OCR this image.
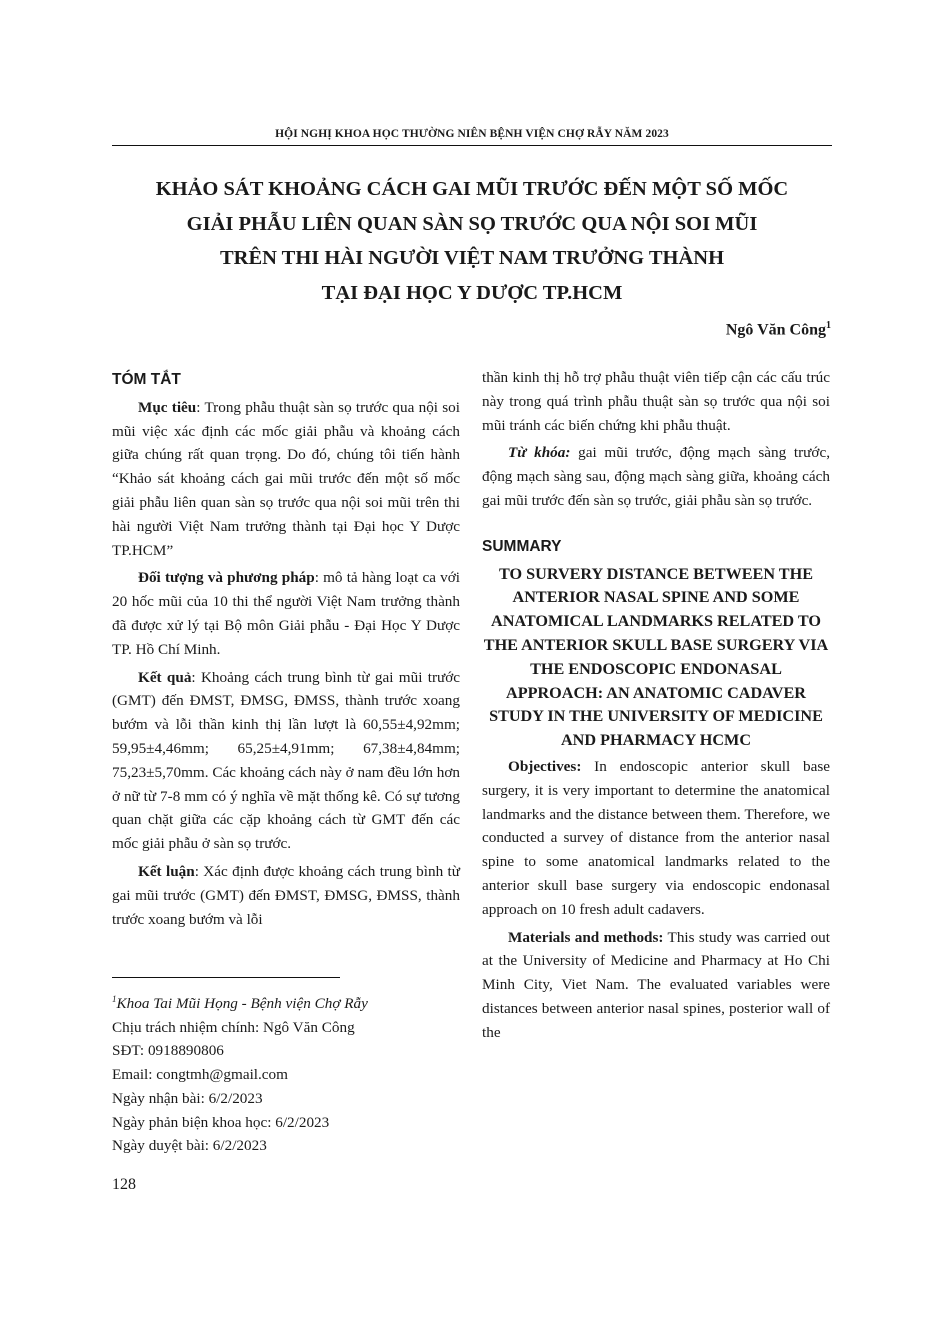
HỘI NGHỊ KHOA HỌC THƯỜNG NIÊN BỆNH VIỆN CHỢ RẪY NĂM 2023
KHẢO SÁT KHOẢNG CÁCH GAI MŨI TRƯỚC ĐẾN MỘT SỐ MỐC
GIẢI PHẪU LIÊN QUAN SÀN SỌ TRƯỚC QUA NỘI SOI MŨI
TRÊN THI HÀI NGƯỜI VIỆT NAM TRƯỞNG THÀNH
TẠI ĐẠI HỌC Y DƯỢC TP.HCM
Ngô Văn Công$^1$
TÓM TẮT

Mục tiêu: Trong phẫu thuật sàn sọ trước qua nội soi mũi việc xác định các mốc giải phẫu và khoảng cách giữa chúng rất quan trọng. Do đó, chúng tôi tiến hành “Khảo sát khoảng cách gai mũi trước đến một số mốc giải phẫu liên quan sàn sọ trước qua nội soi mũi trên thi hài người Việt Nam trưởng thành tại Đại học Y Dược TP.HCM”

Đối tượng và phương pháp: mô tả hàng loạt ca với 20 hốc mũi của 10 thi thể người Việt Nam trưởng thành đã được xử lý tại Bộ môn Giải phẫu - Đại Học Y Dược TP. Hồ Chí Minh.

Kết quả: Khoảng cách trung bình từ gai mũi trước (GMT) đến ĐMST, ĐMSG, ĐMSS, thành trước xoang bướm và lỗi thần kinh thị lần lượt là 60,55±4,92mm; 59,95±4,46mm; 65,25±4,91mm; 67,38±4,84mm; 75,23±5,70mm. Các khoảng cách này ở nam đều lớn hơn ở nữ từ 7-8 mm có ý nghĩa về mặt thống kê. Có sự tương quan chặt giữa các cặp khoảng cách từ GMT đến các mốc giải phẫu ở sàn sọ trước.

Kết luận: Xác định được khoảng cách trung bình từ gai mũi trước (GMT) đến ĐMST, ĐMSG, ĐMSS, thành trước xoang bướm và lỗi

$^1$Khoa Tai Mũi Họng - Bệnh viện Chợ Rẫy
Chịu trách nhiệm chính: Ngô Văn Công
SĐT: 0918890806
Email: congtmh@gmail.com
Ngày nhận bài: 6/2/2023
Ngày phản biện khoa học: 6/2/2023
Ngày duyệt bài: 6/2/2023

thần kinh thị hỗ trợ phẫu thuật viên tiếp cận các cấu trúc này trong quá trình phẫu thuật sàn sọ trước qua nội soi mũi tránh các biến chứng khi phẫu thuật.

Từ khóa: gai mũi trước, động mạch sàng trước, động mạch sàng sau, động mạch sàng giữa, khoảng cách gai mũi trước đến sàn sọ trước, giải phẫu sàn sọ trước.

SUMMARY
TO SURVERY DISTANCE BETWEEN THE ANTERIOR NASAL SPINE AND SOME ANATOMICAL LANDMARKS RELATED TO THE ANTERIOR SKULL BASE SURGERY VIA THE ENDOSCOPIC ENDONASAL APPROACH: AN ANATOMIC CADAVER STUDY IN THE UNIVERSITY OF MEDICINE AND PHARMACY HCMC

Objectives: In endoscopic anterior skull base surgery, it is very important to determine the anatomical landmarks and the distance between them. Therefore, we conducted a survey of distance from the anterior nasal spine to some anatomical landmarks related to the anterior skull base surgery via endoscopic endonasal approach on 10 fresh adult cadavers.

Materials and methods: This study was carried out at the University of Medicine and Pharmacy at Ho Chi Minh City, Viet Nam. The evaluated variables were distances between anterior nasal spines, posterior wall of the

128
